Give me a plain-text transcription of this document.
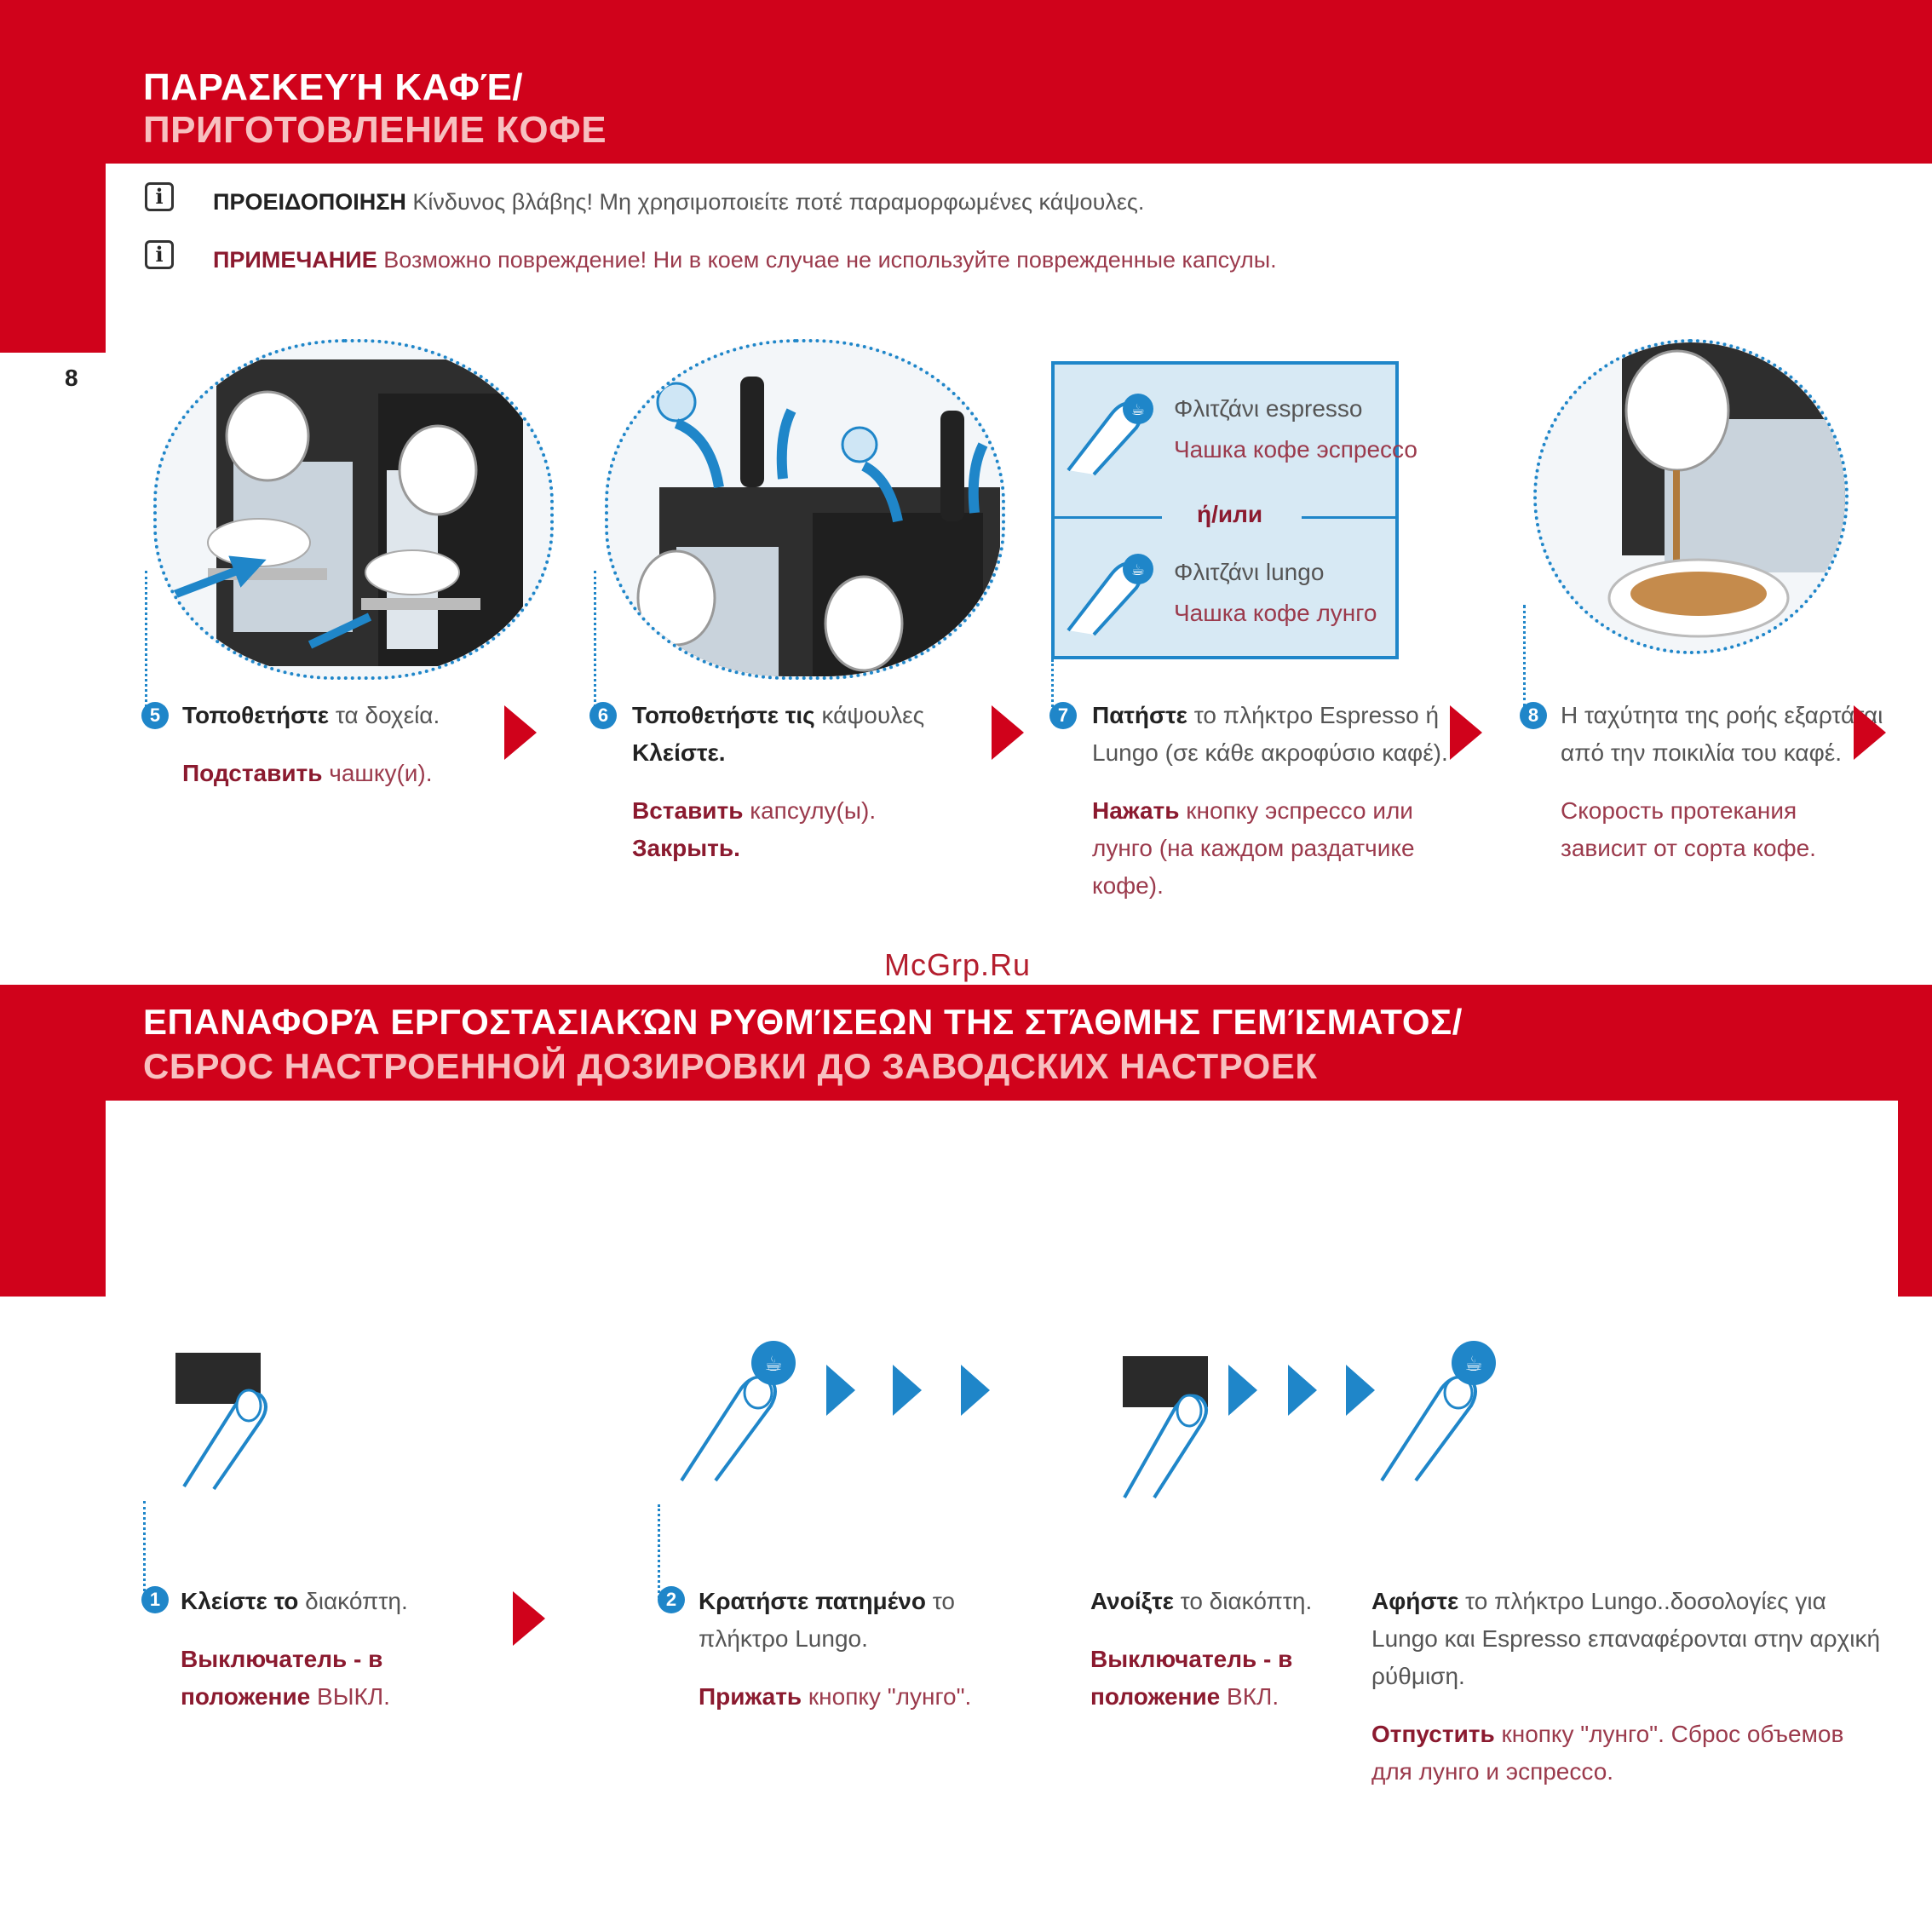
ΠΑΡΑΣΚΕΥΉ ΚΑΦΈ/
ПРИГОТОВЛЕНИЕ КОФЕ
8
i	ΠΡΟΕΙΔΟΠΟΙΗΣΗ Κίνδυνος βλάβης! Μη χρησιμοποιείτε ποτέ παραμορφωμένες κάψουλες.
i	ПРИМЕЧАНИЕ Возможно повреждение! Ни в коем случае не используйте поврежденные капсулы.
☕ Φλιτζάνι espresso
Чашка кофе эспрессо
ή/или
☕ Φλιτζάνι lungo
Чашка кофе лунго
5 Τοποθετήστε τα δοχεία.
Подставить чашку(и).
6 Τοποθετήστε τις κάψουλες
Κλείστε.
Вставить капсулу(ы).
Закрыть.
7 Πατήστε το πλήκτρο Espresso ή
Lungo (σε κάθε ακροφύσιο καφέ).
Нажать кнопку эспрессо или
лунго (на каждом раздатчике
кофе).
8 Η ταχύτητα της ροής εξαρτάται
από την ποικιλία του καφέ.
Скорость протекания
зависит от сорта кофе.
McGrp.Ru
ΕΠΑΝΑΦΟΡΆ ΕΡΓΟΣΤΑΣΙΑΚΏΝ ΡΥΘΜΊΣΕΩΝ ΤΗΣ ΣΤΆΘΜΗΣ ΓΕΜΊΣΜΑΤΟΣ/
СБРОС НАСТРОЕННОЙ ДОЗИРОВКИ ДО ЗАВОДСКИХ НАСТРОЕК
☕	☕
1 Κλείστε το διακόπτη.
Выключатель - в
положение ВЫКЛ.
2 Κρατήστε πατημένο το
πλήκτρο Lungo.
Прижать кнопку "лунго".
Ανοίξτε το διακόπτη.
Выключатель - в
положение ВКЛ.
Αφήστε το πλήκτρο Lungo..δοσολογίες για
Lungo και Espresso επαναφέρονται στην αρχική
ρύθμιση.
Отпустить кнопку "лунго". Сброс объемов
для лунго и эспрессо.
